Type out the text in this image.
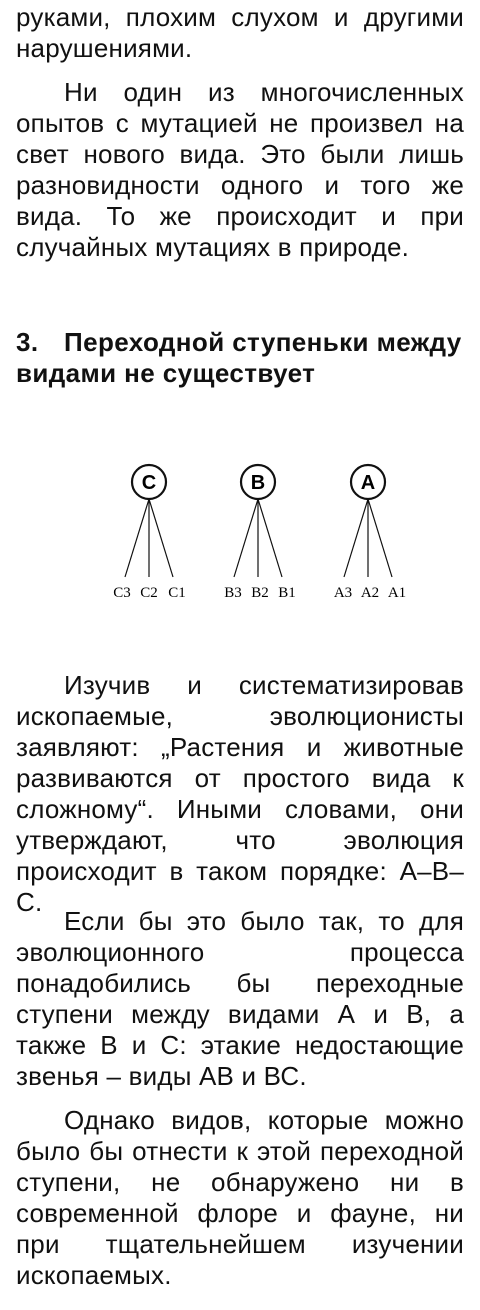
руками, плохим слухом и другими нарушениями.

Ни один из многочисленных опытов с мутацией не произвел на свет нового вида. Это были лишь разновидности одного и того же вида. То же происходит и при случайных мутациях в природе.

3. Переходной ступеньки между видами не существует
C
C3 C2 C1
B
B3 B2 B1
A
A3 A2 A1

Изучив и систематизировав ископаемые, эволюционисты заявляют: „Растения и животные развиваются от простого вида к сложному“. Иными словами, они утверждают, что эволюция происходит в таком порядке: А–В–С.

Если бы это было так, то для эволюционного процесса понадобились бы переходные ступени между видами А и В, а также В и С: этакие недостающие звенья – виды АВ и ВС.

Однако видов, которые можно было бы отнести к этой переходной ступени, не обнаружено ни в современной флоре и фауне, ни при тщательнейшем изучении ископаемых.
